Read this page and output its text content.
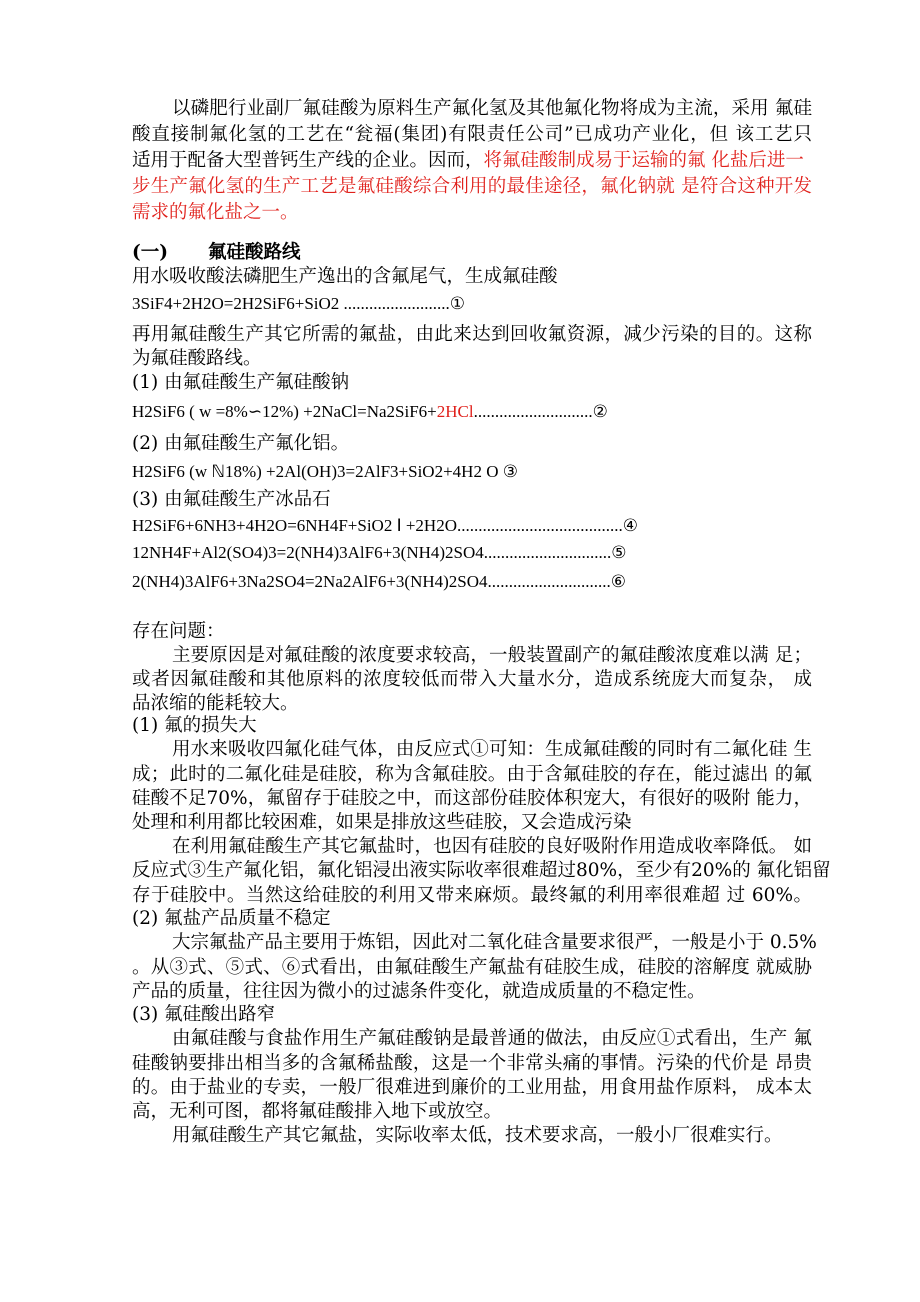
以磷肥行业副厂氟硅酸为原料生产氟化氢及其他氟化物将成为主流，采用 氟硅
酸直接制氟化氢的工艺在“瓮福(集团)有限责任公司”已成功产业化，但 该工艺只
适用于配备大型普钙生产线的企业。因而，将氟硅酸制成易于运输的氟 化盐后进一
步生产氟化氢的生产工艺是氟硅酸综合利用的最佳途径，氟化钠就 是符合这种开发
需求的氟化盐之一。
(一) 氟硅酸路线
用水吸收酸法磷肥生产逸出的含氟尾气，生成氟硅酸
3SiF4+2H2O=2H2SiF6+SiO2 .........................①
再用氟硅酸生产其它所需的氟盐，由此来达到回收氟资源，减少污染的目的。这称
为氟硅酸路线。
(1) 由氟硅酸生产氟硅酸钠
H2SiF6 ( w =8%∽12%) +2NaCl=Na2SiF6+2HCl............................②
(2) 由氟硅酸生产氟化铝。
H2SiF6 (w ℕ18%) +2Al(OH)3=2AlF3+SiO2+4H2 O ③
(3) 由氟硅酸生产冰品石
H2SiF6+6NH3+4H2O=6NH4F+SiO2 Ⅰ +2H2O.......................................④
12NH4F+Al2(SO4)3=2(NH4)3AlF6+3(NH4)2SO4..............................⑤
2(NH4)3AlF6+3Na2SO4=2Na2AlF6+3(NH4)2SO4.............................⑥
存在问题：
主要原因是对氟硅酸的浓度要求较高，一般装置副产的氟硅酸浓度难以满 足；
或者因氟硅酸和其他原料的浓度较低而带入大量水分，造成系统庞大而复杂， 成
品浓缩的能耗较大。
(1) 氟的损失大
用水来吸收四氟化硅气体，由反应式①可知：生成氟硅酸的同时有二氟化硅 生
成；此时的二氟化硅是硅胶，称为含氟硅胶。由于含氟硅胶的存在，能过滤出 的氟
硅酸不足70%，氟留存于硅胶之中，而这部份硅胶体积宠大，有很好的吸附 能力，
处理和利用都比较困难，如果是排放这些硅胶，又会造成污染
在利用氟硅酸生产其它氟盐时，也因有硅胶的良好吸附作用造成收率降低。 如
反应式③生产氟化铝，氟化铝浸出液实际收率很难超过80%，至少有20%的 氟化铝留
存于硅胶中。当然这给硅胶的利用又带来麻烦。最终氟的利用率很难超 过 60%。
(2) 氟盐产品质量不稳定
大宗氟盐产品主要用于炼铝，因此对二氧化硅含量要求很严，一般是小于 0.5%
。从③式、⑤式、⑥式看出，由氟硅酸生产氟盐有硅胶生成，硅胶的溶解度 就威胁
产品的质量，往往因为微小的过滤条件变化，就造成质量的不稳定性。
(3) 氟硅酸出路窄
由氟硅酸与食盐作用生产氟硅酸钠是最普通的做法，由反应①式看出，生产 氟
硅酸钠要排出相当多的含氟稀盐酸，这是一个非常头痛的事情。污染的代价是 昂贵
的。由于盐业的专卖，一般厂很难进到廉价的工业用盐，用食用盐作原料， 成本太
高，无利可图，都将氟硅酸排入地下或放空。
用氟硅酸生产其它氟盐，实际收率太低，技术要求高，一般小厂很难实行。
